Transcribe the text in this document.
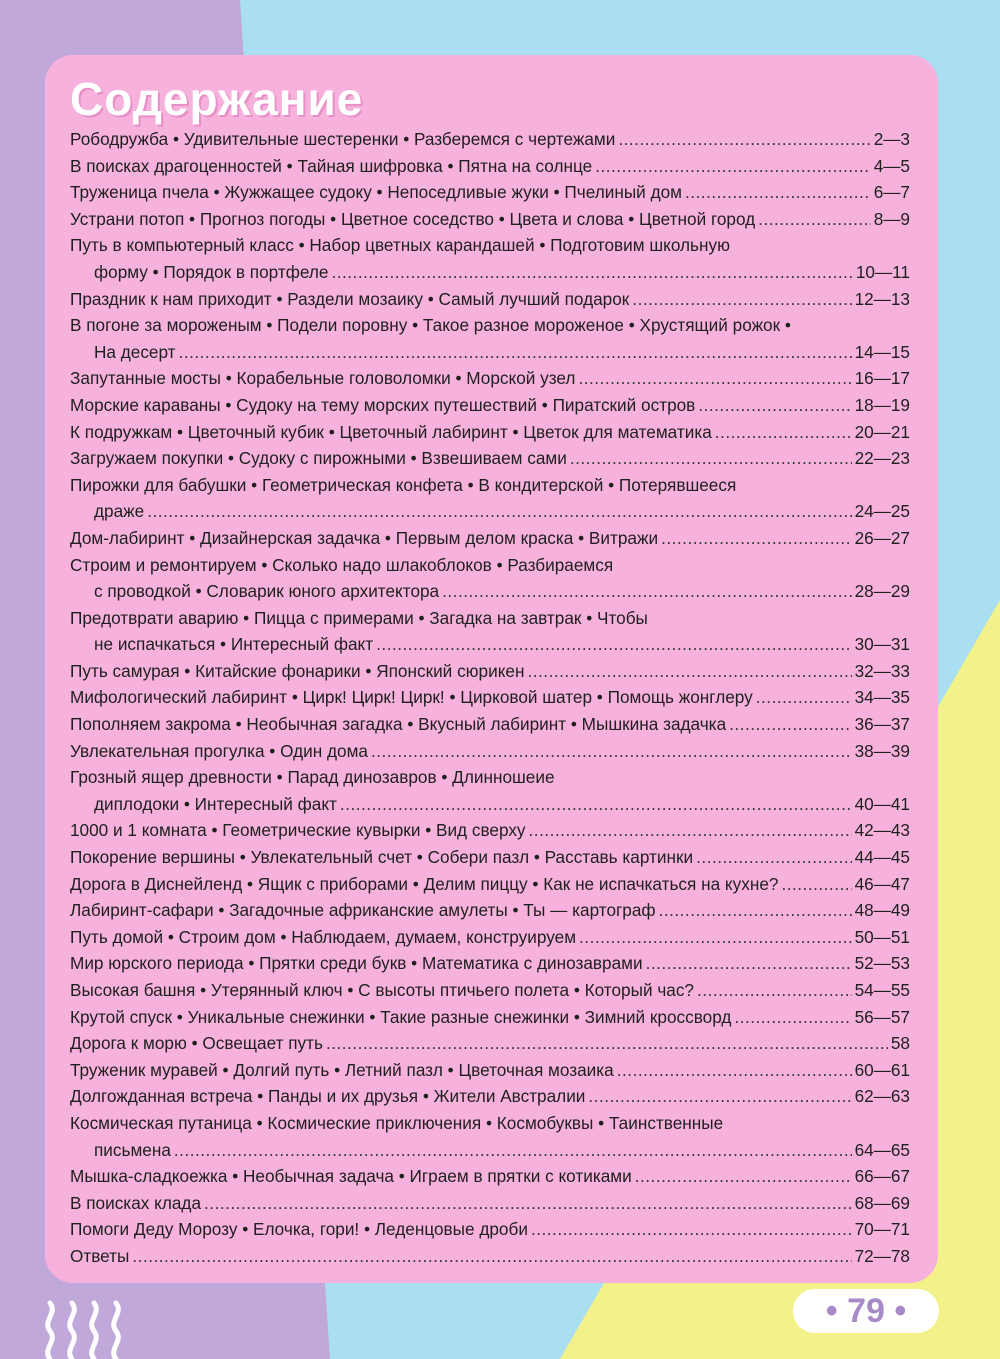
Содержание
Рободружба • Удивительные шестеренки • Разберемся с чертежами .....	2—3
В поисках драгоценностей • Тайная шифровка • Пятна на солнце .....	4—5
Труженица пчела • Жужжащее судоку • Непоседливые жуки • Пчелиный дом .....	6—7
Устрани потоп • Прогноз погоды • Цветное соседство • Цвета и слова • Цветной город .....	8—9
Путь в компьютерный класс • Набор цветных карандашей • Подготовим школьную
форму • Порядок в портфеле .....	10—11
Праздник к нам приходит • Раздели мозаику • Самый лучший подарок .....	12—13
В погоне за мороженым • Подели поровну • Такое разное мороженое • Хрустящий рожок •
На десерт .....	14—15
Запутанные мосты • Корабельные головоломки • Морской узел .....	16—17
Морские караваны • Судоку на тему морских путешествий • Пиратский остров .....	18—19
К подружкам • Цветочный кубик • Цветочный лабиринт • Цветок для математика .....	20—21
Загружаем покупки • Судоку с пирожными • Взвешиваем сами .....	22—23
Пирожки для бабушки • Геометрическая конфета • В кондитерской • Потерявшееся
драже .....	24—25
Дом-лабиринт • Дизайнерская задачка • Первым делом краска • Витражи .....	26—27
Строим и ремонтируем • Сколько надо шлакоблоков • Разбираемся
с проводкой • Словарик юного архитектора .....	28—29
Предотврати аварию • Пицца с примерами • Загадка на завтрак • Чтобы
не испачкаться • Интересный факт .....	30—31
Путь самурая • Китайские фонарики • Японский сюрикен .....	32—33
Мифологический лабиринт • Цирк! Цирк! Цирк! • Цирковой шатер • Помощь жонглеру .....	34—35
Пополняем закрома • Необычная загадка • Вкусный лабиринт • Мышкина задачка .....	36—37
Увлекательная прогулка • Один дома .....	38—39
Грозный ящер древности • Парад динозавров • Длинношеие
диплодоки • Интересный факт .....	40—41
1000 и 1 комната • Геометрические кувырки • Вид сверху .....	42—43
Покорение вершины • Увлекательный счет • Собери пазл • Расставь картинки .....	44—45
Дорога в Диснейленд • Ящик с приборами • Делим пиццу • Как не испачкаться на кухне? .....	46—47
Лабиринт-сафари • Загадочные африканские амулеты • Ты — картограф .....	48—49
Путь домой • Строим дом • Наблюдаем, думаем, конструируем .....	50—51
Мир юрского периода • Прятки среди букв • Математика с динозаврами .....	52—53
Высокая башня • Утерянный ключ • С высоты птичьего полета • Который час? .....	54—55
Крутой спуск • Уникальные снежинки • Такие разные снежинки • Зимний кроссворд .....	56—57
Дорога к морю • Освещает путь .....	58
Труженик муравей • Долгий путь • Летний пазл • Цветочная мозаика .....	60—61
Долгожданная встреча • Панды и их друзья • Жители Австралии .....	62—63
Космическая путаница • Космические приключения • Космобуквы • Таинственные
письмена .....	64—65
Мышка-сладкоежка • Необычная задача • Играем в прятки с котиками .....	66—67
В поисках клада .....	68—69
Помоги Деду Морозу • Елочка, гори! • Леденцовые дроби .....	70—71
Ответы .....	72—78
• 79 •
